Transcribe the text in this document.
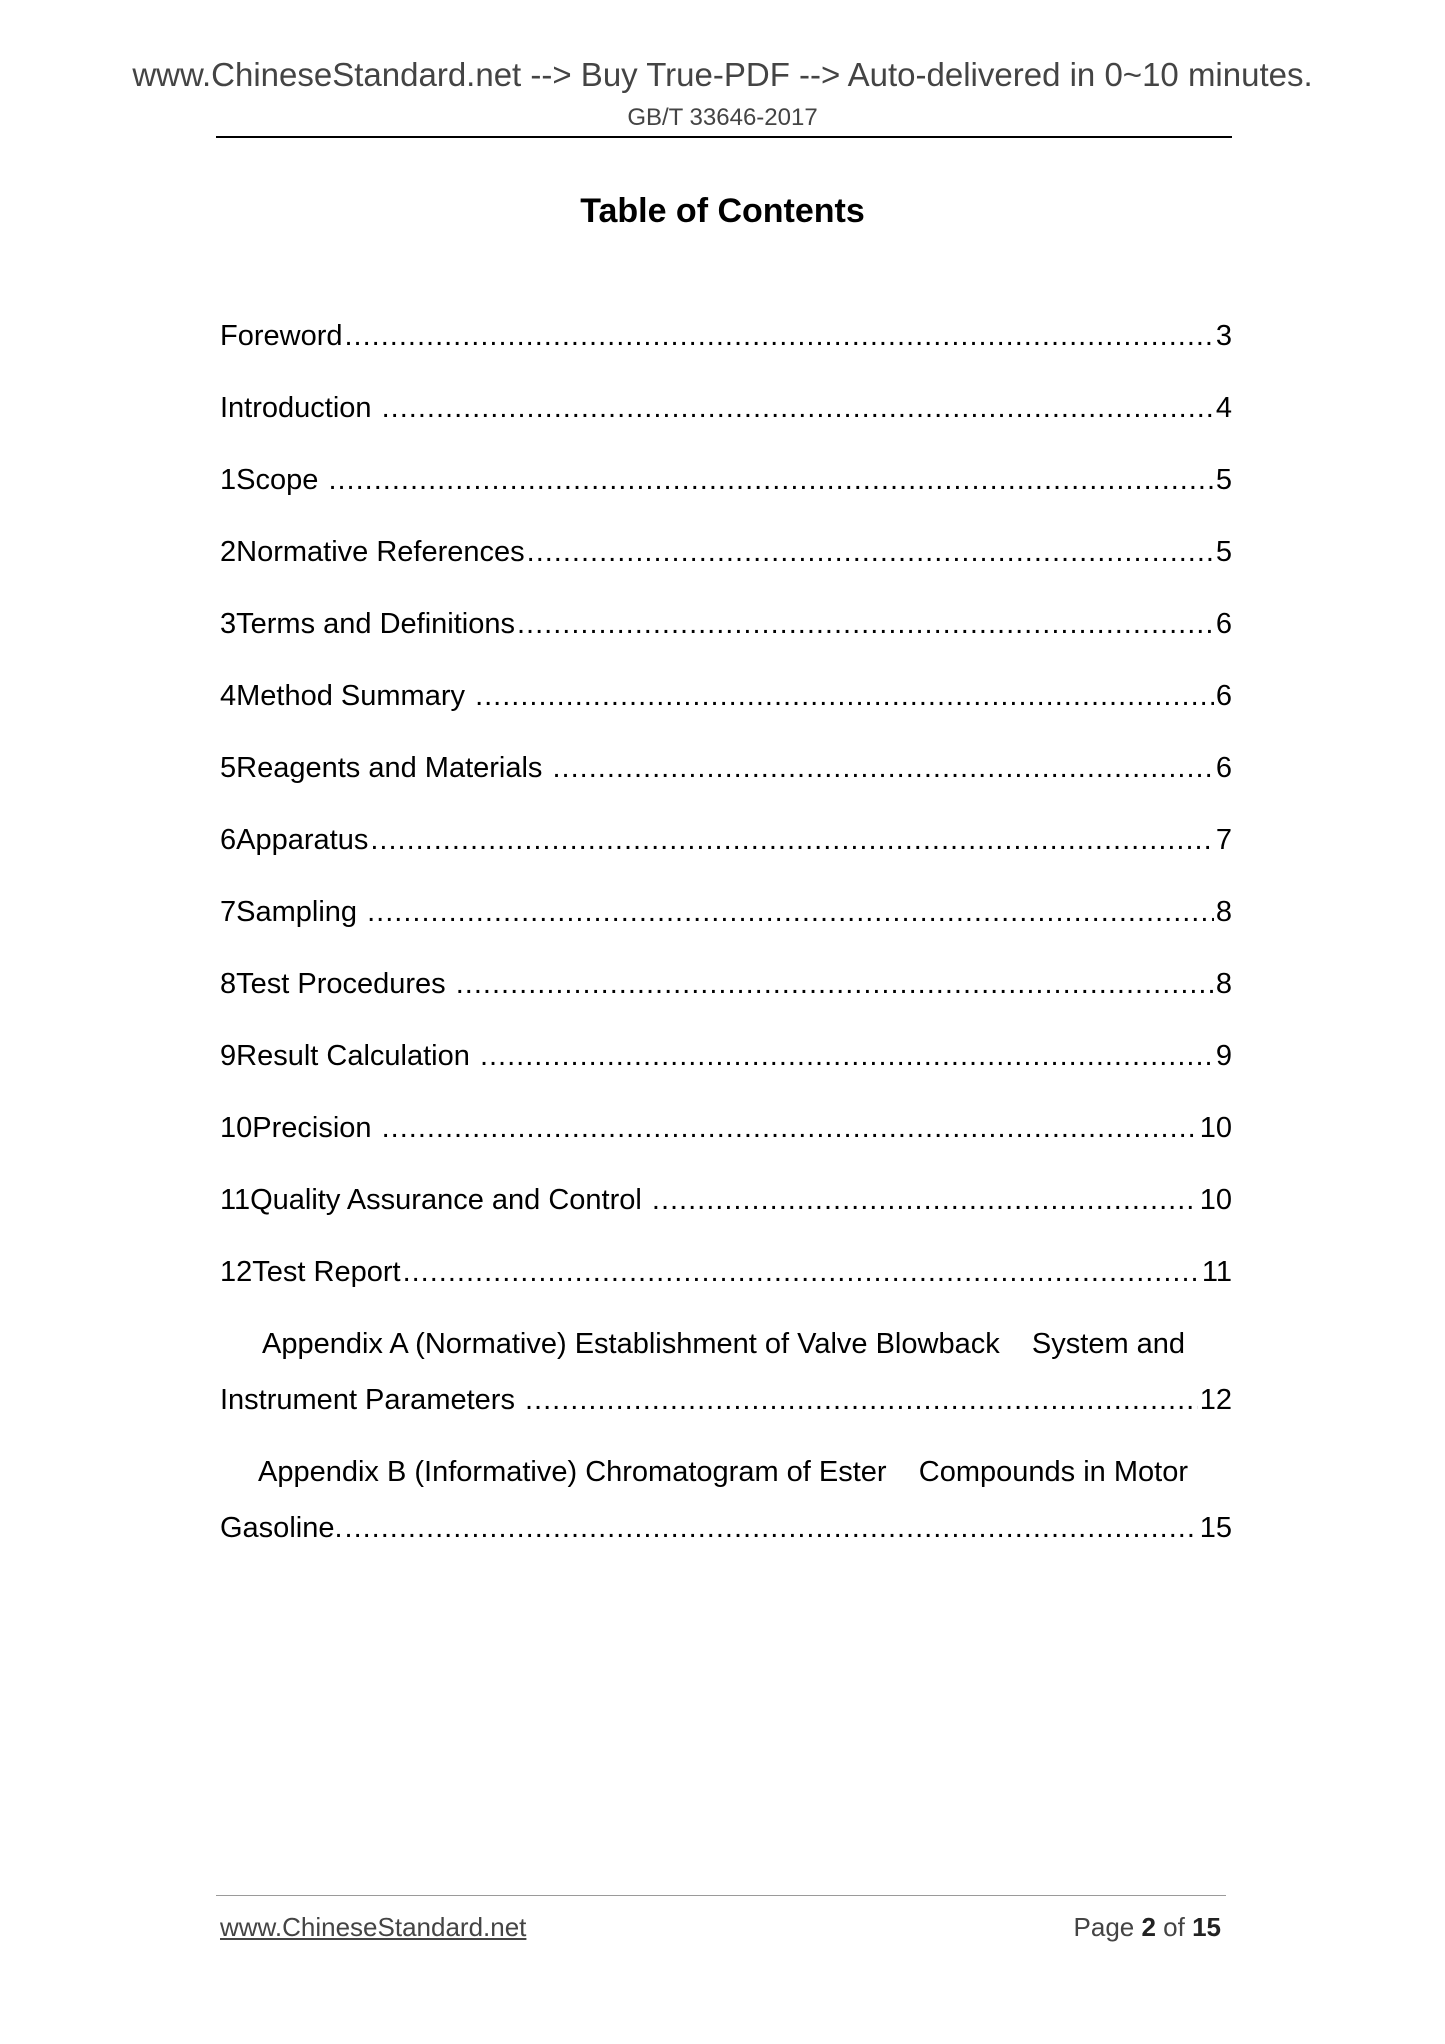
www.ChineseStandard.net --> Buy True-PDF --> Auto-delivered in 0~10 minutes.
GB/T 33646-2017
Table of Contents
Foreword .....	3
Introduction .....	4
1 Scope .....	5
2 Normative References .....	5
3 Terms and Definitions .....	6
4 Method Summary .....	6
5 Reagents and Materials .....	6
6 Apparatus .....	7
7 Sampling .....	8
8 Test Procedures .....	8
9 Result Calculation .....	9
10 Precision .....	10
11 Quality Assurance and Control .....	10
12 Test Report .....	11
Appendix A (Normative) Establishment of Valve Blowback    System and
Instrument Parameters .....	12
Appendix B (Informative) Chromatogram of Ester    Compounds in Motor
Gasoline. .....	15
www.ChineseStandard.net	Page 2 of 15
